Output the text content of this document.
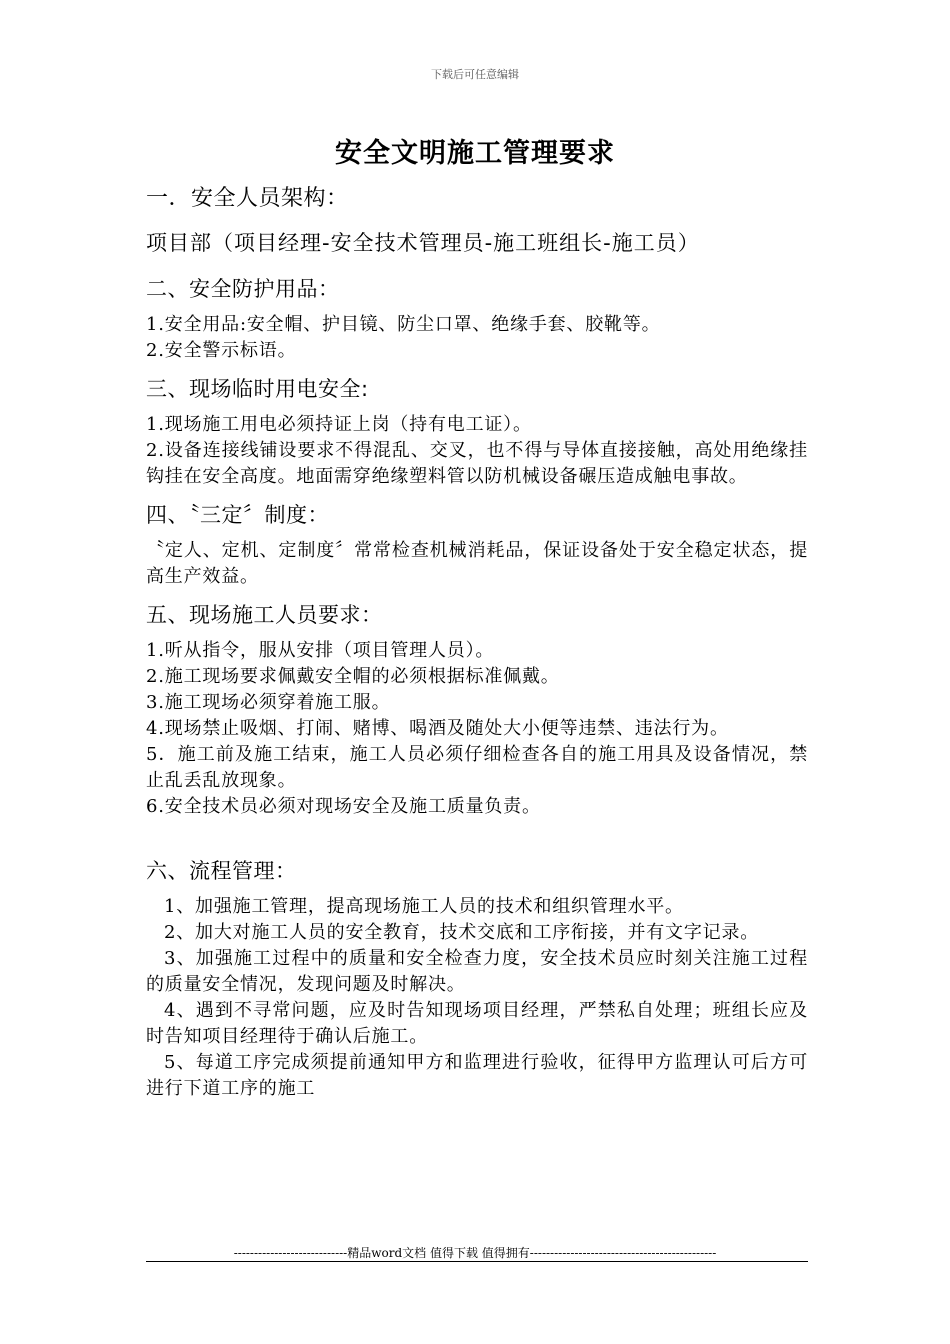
下载后可任意编辑
安全文明施工管理要求
一．安全人员架构：
项目部（项目经理-安全技术管理员-施工班组长-施工员）
二、安全防护用品：

1.安全用品:安全帽、护目镜、防尘口罩、绝缘手套、胶靴等。

2.安全警示标语。

三、现场临时用电安全:

1.现场施工用电必须持证上岗（持有电工证）。

2.设备连接线铺设要求不得混乱、交叉，也不得与导体直接接触，高处用绝缘挂钩挂在安全高度。地面需穿绝缘塑料管以防机械设备碾压造成触电事故。

四、〝三定〞制度：

〝定人、定机、定制度〞常常检查机械消耗品，保证设备处于安全稳定状态，提高生产效益。

五、现场施工人员要求：

1.听从指令，服从安排（项目管理人员）。

2.施工现场要求佩戴安全帽的必须根据标准佩戴。

3.施工现场必须穿着施工服。

4.现场禁止吸烟、打闹、赌博、喝酒及随处大小便等违禁、违法行为。

5．施工前及施工结束，施工人员必须仔细检查各自的施工用具及设备情况，禁止乱丢乱放现象。

6.安全技术员必须对现场安全及施工质量负责。

六、流程管理：

1、加强施工管理，提高现场施工人员的技术和组织管理水平。

2、加大对施工人员的安全教育，技术交底和工序衔接，并有文字记录。

3、加强施工过程中的质量和安全检查力度，安全技术员应时刻关注施工过程的质量安全情况，发现问题及时解决。

4、遇到不寻常问题，应及时告知现场项目经理，严禁私自处理；班组长应及时告知项目经理待于确认后施工。

5、每道工序完成须提前通知甲方和监理进行验收，征得甲方监理认可后方可进行下道工序的施工

----------------------------精品word文档 值得下载 值得拥有----------------------------------------------
